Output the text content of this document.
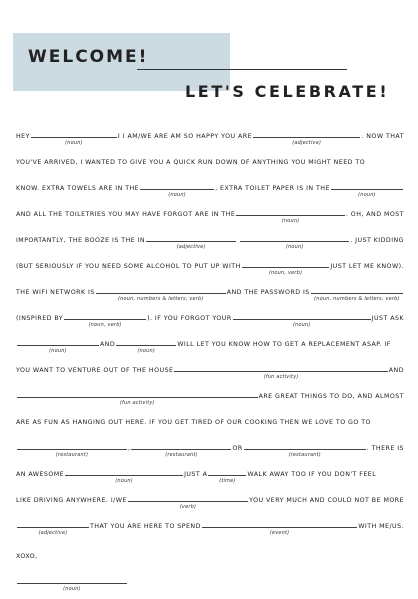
WELCOME!
LET'S CELEBRATE!
HEY
(noun)
I I AM/WE ARE AM SO HAPPY YOU ARE
(adjective)
. NOW THAT
YOU'VE ARRIVED, I WANTED TO GIVE YOU A QUICK RUN DOWN OF ANYTHING YOU MIGHT NEED TO
KNOW. EXTRA TOWELS ARE IN THE
(noun)
, EXTRA TOILET PAPER IS IN THE
(noun)
AND ALL THE TOILETRIES YOU MAY HAVE FORGOT ARE IN THE
(noun)
. OH, AND MOST
IMPORTANTLY, THE BOOZE IS THE IN
(adjective)	(noun)
. JUST KIDDING
(BUT SERIOUSLY IF YOU NEED SOME ALCOHOL TO PUT UP WITH
(noun, verb)
JUST LET ME KNOW).
THE WIFI NETWORK IS
(noun, numbers & letters, verb)
AND THE PASSWORD IS
(noun, numbers & letters, verb)
(INSPIRED BY
(noun, verb)
). IF YOU FORGOT YOUR
(noun)
JUST ASK
(noun)
AND
(noun)
WILL LET YOU KNOW HOW TO GET A REPLACEMENT ASAP. IF
YOU WANT TO VENTURE OUT OF THE HOUSE
(fun activity)
AND
(fun activity)
ARE GREAT THINGS TO DO, AND ALMOST
ARE AS FUN AS HANGING OUT HERE. IF YOU GET TIRED OF OUR COOKING THEN WE LOVE TO GO TO
(restaurant)
,
(restaurant)
OR
(restaurant)
. THERE IS
AN AWESOME
(noun)
JUST A
(time)
WALK AWAY TOO IF YOU DON'T FEEL
LIKE DRIVING ANYWHERE. I/WE
(verb)
YOU VERY MUCH AND COULD NOT BE MORE
(adjective)
THAT YOU ARE HERE TO SPEND
(event)
WITH ME/US.
XOXO,
(noun)
